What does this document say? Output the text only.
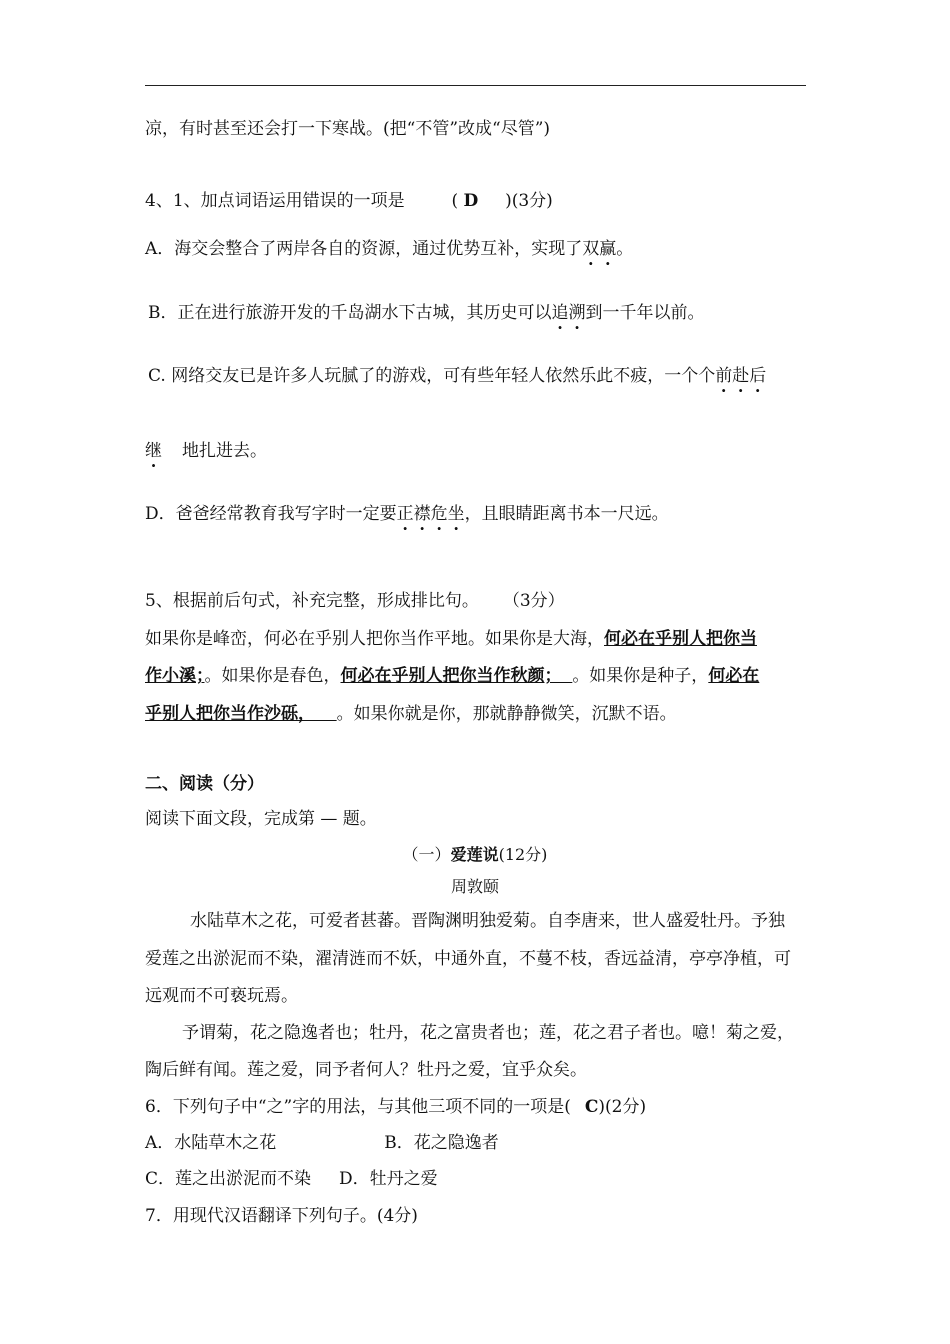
凉，有时甚至还会打一下寒战。(把“不管”改成“尽管”)
4、1、加点词语运用错误的一项是	( D )(3分)
A．海交会整合了两岸各自的资源，通过优势互补，实现了双赢。
B．正在进行旅游开发的千岛湖水下古城，其历史可以追溯到一千年以前。
C. 网络交友已是许多人玩腻了的游戏，可有些年轻人依然乐此不疲，一个个前赴后
继 地扎进去。
D．爸爸经常教育我写字时一定要正襟危坐，且眼睛距离书本一尺远。
5、根据前后句式，补充完整，形成排比句。 （3分）
如果你是峰峦，何必在乎别人把你当作平地。如果你是大海，何必在乎别人把你当
作小溪；。如果你是春色，何必在乎别人把你当作秋颜； 。如果你是种子，何必在
乎别人把你当作沙砾， 。如果你就是你，那就静静微笑，沉默不语。
二、阅读（分）
阅读下面文段，完成第 — 题。
（一）爱莲说(12分)
周敦颐
水陆草木之花，可爱者甚蕃。晋陶渊明独爱菊。自李唐来，世人盛爱牡丹。予独
爱莲之出淤泥而不染，濯清涟而不妖，中通外直，不蔓不枝，香远益清，亭亭净植，可
远观而不可亵玩焉。
予谓菊，花之隐逸者也；牡丹，花之富贵者也；莲，花之君子者也。噫！菊之爱，
陶后鲜有闻。莲之爱，同予者何人？牡丹之爱，宜乎众矣。
6．下列句子中“之”字的用法，与其他三项不同的一项是( C)(2分)
A．水陆草木之花	B．花之隐逸者
C．莲之出淤泥而不染 D．牡丹之爱
7．用现代汉语翻译下列句子。(4分)
